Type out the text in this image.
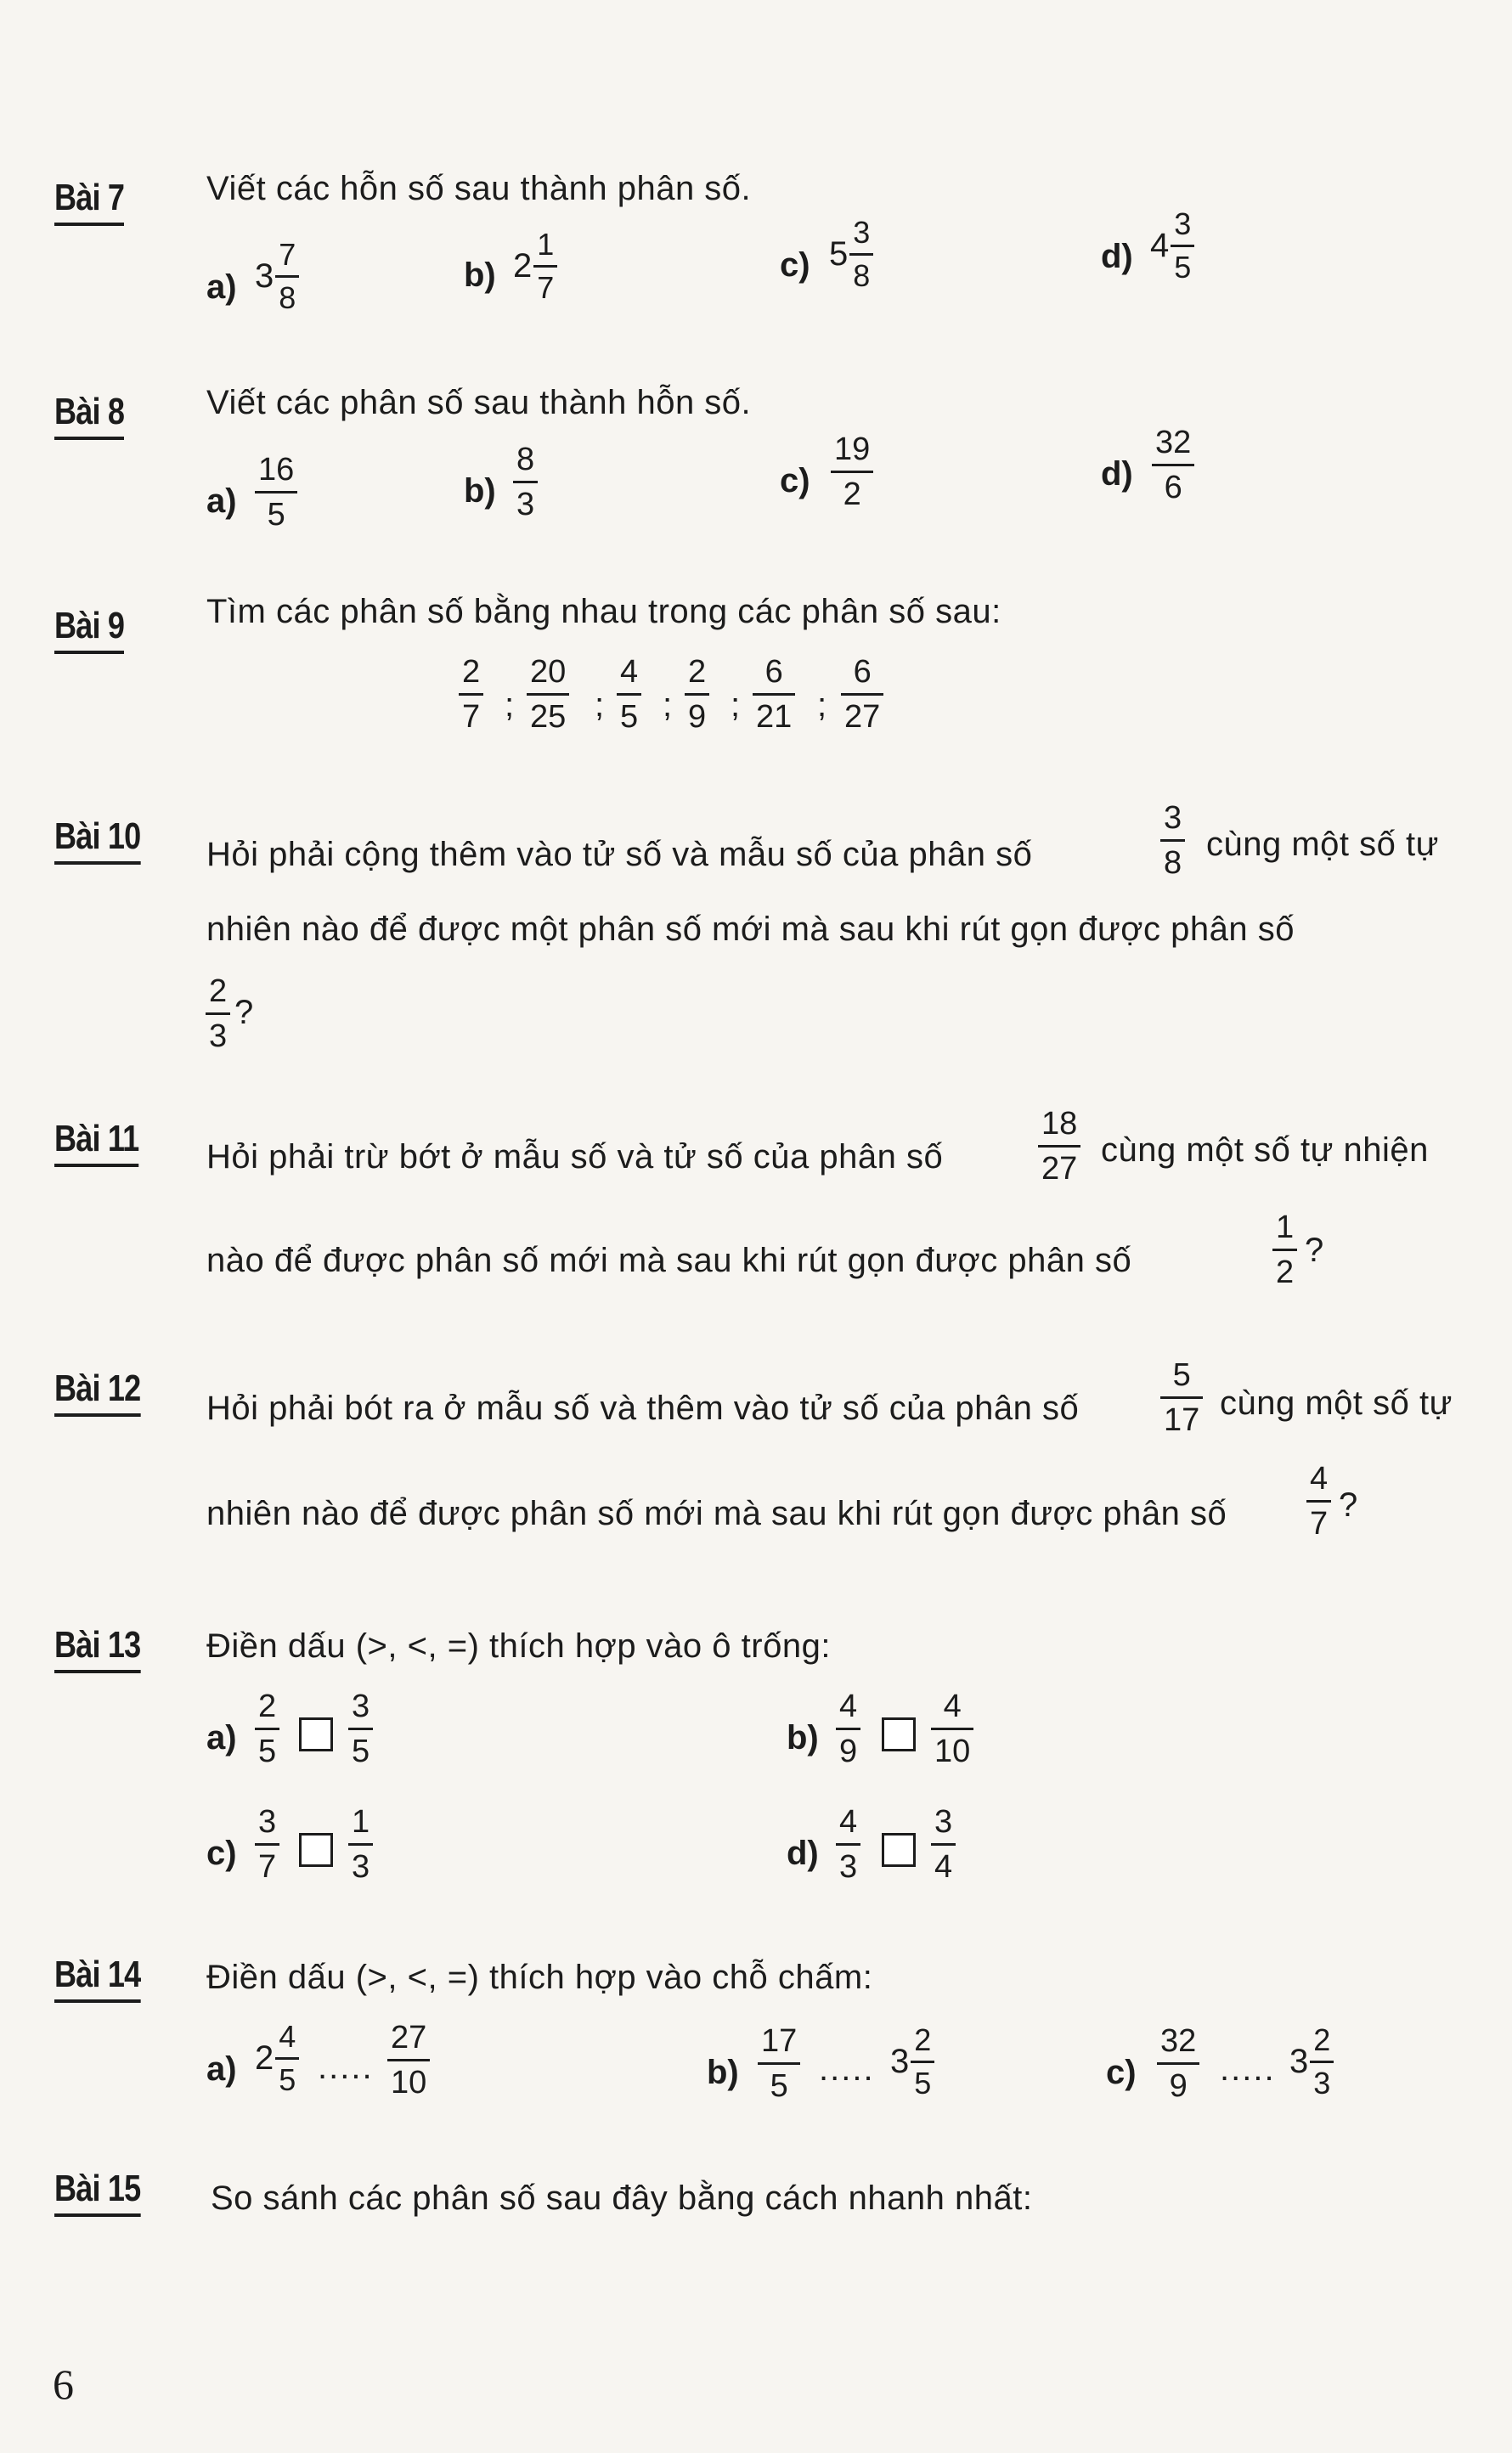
Bài 7 Viết các hỗn số sau thành phân số.
a) 3
7
8
b) 2
1
7
c) 5
3
8
d) 4
3
5
Bài 8 Viết các phân số sau thành hỗn số.
a)
16
5
b)
8
3
c)
19
2
d)
32
6
Bài 9 Tìm các phân số bằng nhau trong các phân số sau:
2
7 ;
20
25 ;
4
5 ;
2
9 ;
6
21 ;
6
27
Bài 10 Hỏi phải cộng thêm vào tử số và mẫu số của phân số
3
8 cùng một số tự
nhiên nào để được một phân số mới mà sau khi rút gọn được phân số
2
3
?
Bài 11 Hỏi phải trừ bớt ở mẫu số và tử số của phân số
18
27 cùng một số tự nhiện
nào để được phân số mới mà sau khi rút gọn được phân số
1
2
?
Bài 12 Hỏi phải bót ra ở mẫu số và thêm vào tử số của phân số
5
17 cùng một số tự
nhiên nào để được phân số mới mà sau khi rút gọn được phân số
4
7 ?
Bài 13 Điền dấu (>, <, =) thích hợp vào ô trống:
a)
2
5
3
5	b)
4
9
4
10
c)
3
7
1
3	d)
4
3
3
4
Bài 14 Điền dấu (>, <, =) thích hợp vào chỗ chấm:
a) 2
4
5 .....
27
10	b)
17
5 ..... 3
2
5	c)
32
9 ..... 3
2
3
Bài 15 So sánh các phân số sau đây bằng cách nhanh nhất:
6
